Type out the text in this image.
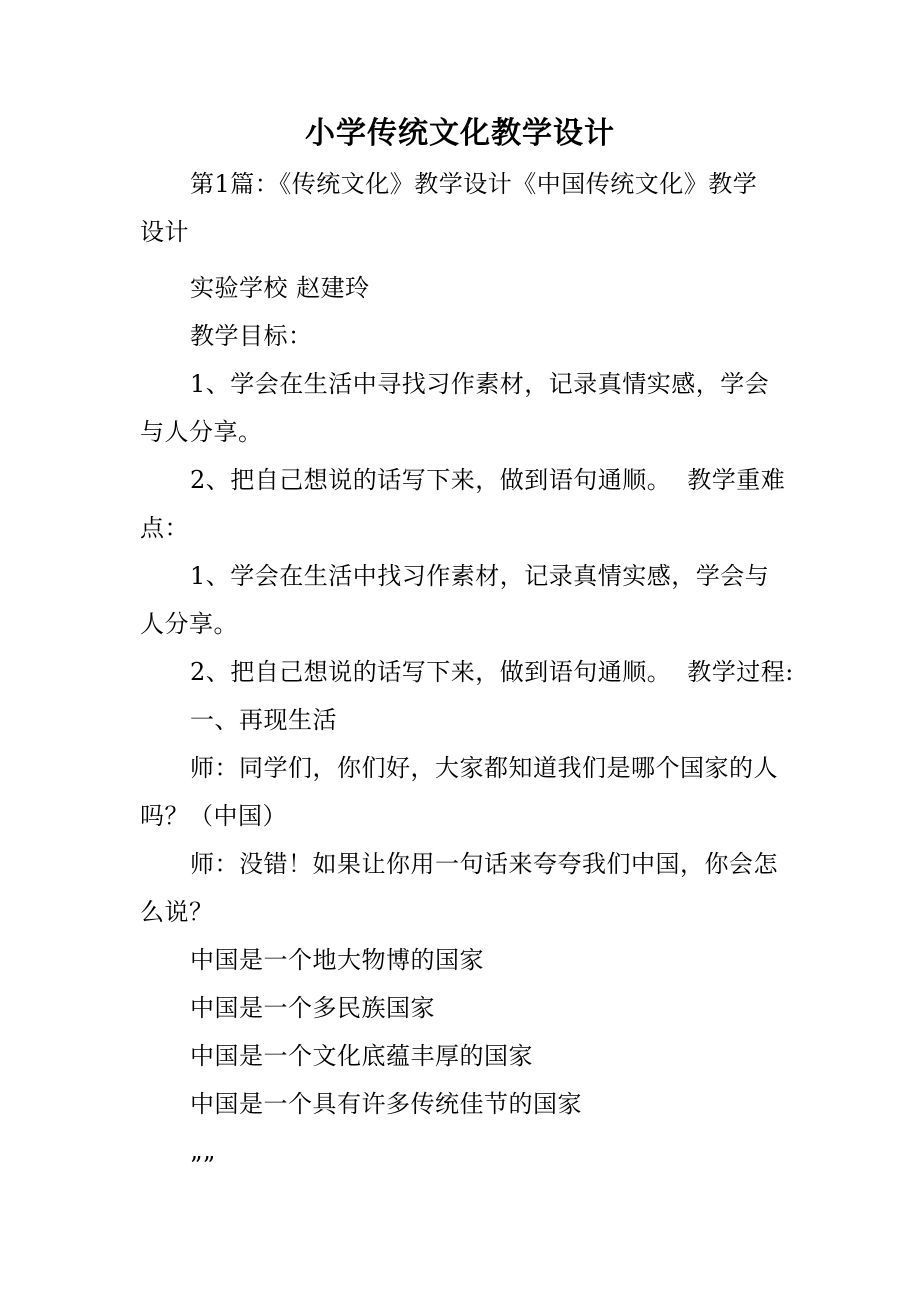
小学传统文化教学设计

第1篇：《传统文化》教学设计《中国传统文化》教学
设计

实验学校 赵建玲

教学目标：

1、学会在生活中寻找习作素材，记录真情实感，学会
与人分享。

2、把自己想说的话写下来，做到语句通顺。 教学重难
点：

1、学会在生活中找习作素材，记录真情实感，学会与
人分享。

2、把自己想说的话写下来，做到语句通顺。 教学过程:

一、再现生活

师：同学们，你们好，大家都知道我们是哪个国家的人
吗？（中国）

师：没错！如果让你用一句话来夸夸我们中国，你会怎
么说？

中国是一个地大物博的国家

中国是一个多民族国家

中国是一个文化底蕴丰厚的国家

中国是一个具有许多传统佳节的国家

””
